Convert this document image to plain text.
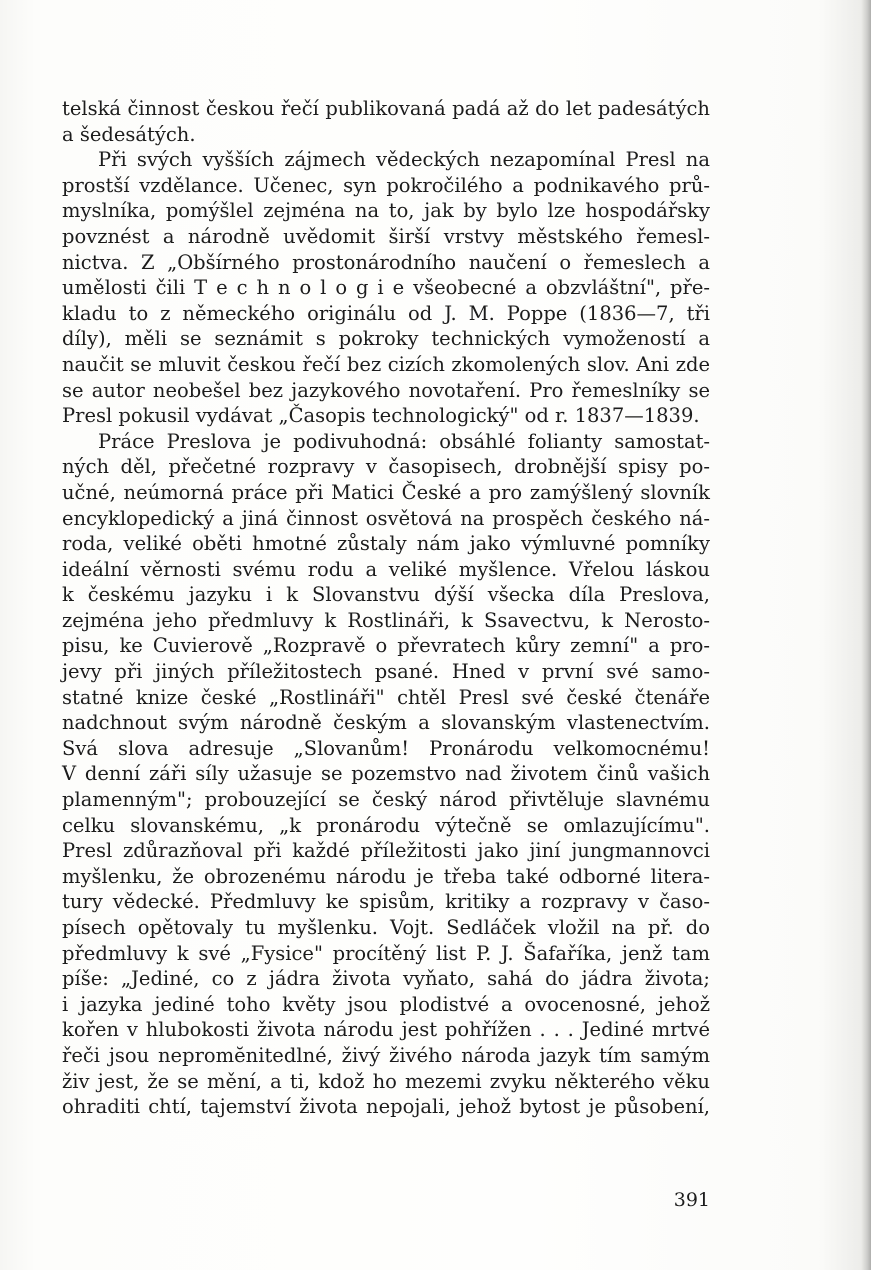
telská činnost českou řečí publikovaná padá až do let padesátých
a šedesátých.
Při svých vyšších zájmech vědeckých nezapomínal Presl na
prostší vzdělance. Učenec, syn pokročilého a podnikavého prů-
myslníka, pomýšlel zejména na to, jak by bylo lze hospodářsky
povznést a národně uvědomit širší vrstvy městského řemesl-
nictva. Z „Obšírného prostonárodního naučení o řemeslech a
umělosti čili T e c h n o l o g i e všeobecné a obzvláštní", pře-
kladu to z německého originálu od J. M. Poppe (1836—7, tři
díly), měli se seznámit s pokroky technických vymožeností a
naučit se mluvit českou řečí bez cizích zkomolených slov. Ani zde
se autor neobešel bez jazykového novotaření. Pro řemeslníky se
Presl pokusil vydávat „Časopis technologický" od r. 1837—1839.
Práce Preslova je podivuhodná: obsáhlé folianty samostat-
ných děl, přečetné rozpravy v časopisech, drobnější spisy po-
učné, neúmorná práce při Matici České a pro zamýšlený slovník
encyklopedický a jiná činnost osvětová na prospěch českého ná-
roda, veliké oběti hmotné zůstaly nám jako výmluvné pomníky
ideální věrnosti svému rodu a veliké myšlence. Vřelou láskou
k českému jazyku i k Slovanstvu dýší všecka díla Preslova,
zejména jeho předmluvy k Rostlináři, k Ssavectvu, k Nerosto-
pisu, ke Cuvierově „Rozpravě o převratech kůry zemní" a pro-
jevy při jiných příležitostech psané. Hned v první své samo-
statné knize české „Rostlináři" chtěl Presl své české čtenáře
nadchnout svým národně českým a slovanským vlastenectvím.
Svá slova adresuje „Slovanům! Pronárodu velkomocnému!
V denní záři síly užasuje se pozemstvo nad životem činů vašich
plamenným"; probouzející se český národ přivtěluje slavnému
celku slovanskému, „k pronárodu výtečně se omlazujícímu".
Presl zdůrazňoval při každé příležitosti jako jiní jungmannovci
myšlenku, že obrozenému národu je třeba také odborné litera-
tury vědecké. Předmluvy ke spisům, kritiky a rozpravy v časo-
písech opětovaly tu myšlenku. Vojt. Sedláček vložil na př. do
předmluvy k své „Fysice" procítěný list P. J. Šafaříka, jenž tam
píše: „Jediné, co z jádra života vyňato, sahá do jádra života;
i jazyka jediné toho květy jsou plodistvé a ovocenosné, jehož
kořen v hlubokosti života národu jest pohřížen . . . Jediné mrtvé
řeči jsou nepromĕnitedlné, živý živého národa jazyk tím samým
živ jest, že se mění, a ti, kdož ho mezemi zvyku některého věku
ohraditi chtí, tajemství života nepojali, jehož bytost je působení,
391
